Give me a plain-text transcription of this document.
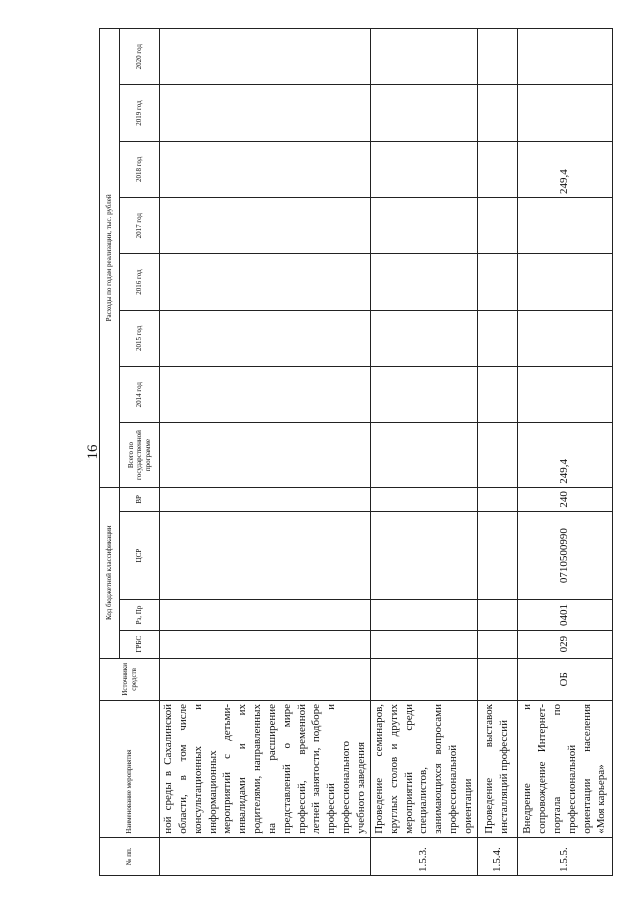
16
№ пп.	Наименование мероприятия	Источники средств	Код бюджетной классификации				Расходы по годам реализации, тыс. рублей							
			ГРБС	Рз, Пр	ЦСР	ВР	Всего по государственной программе	2014 год	2015 год	2016 год	2017 год	2018 год	2019 год	2020 год
	ной среды в Сахалинской области, в том числе консультационных и информационных мероприятий с детьми-инвалидами и их родителями, направленных на расширение представлений о мире профессий, временной летней занятости, подборе профессий и профессионального учебного заведения													
1.5.3.	Проведение семинаров, круглых столов и других мероприятий среди специалистов, занимающихся вопросами профессиональной ориентации													
1.5.4.	Проведение выставок инсталляций профессий													
1.5.5.	Внедрение и сопровождение Интернет-портала по профессиональной ориентации населения «Моя карьера»	ОБ	029	0401	0710500990	240	249,4					249,4		
